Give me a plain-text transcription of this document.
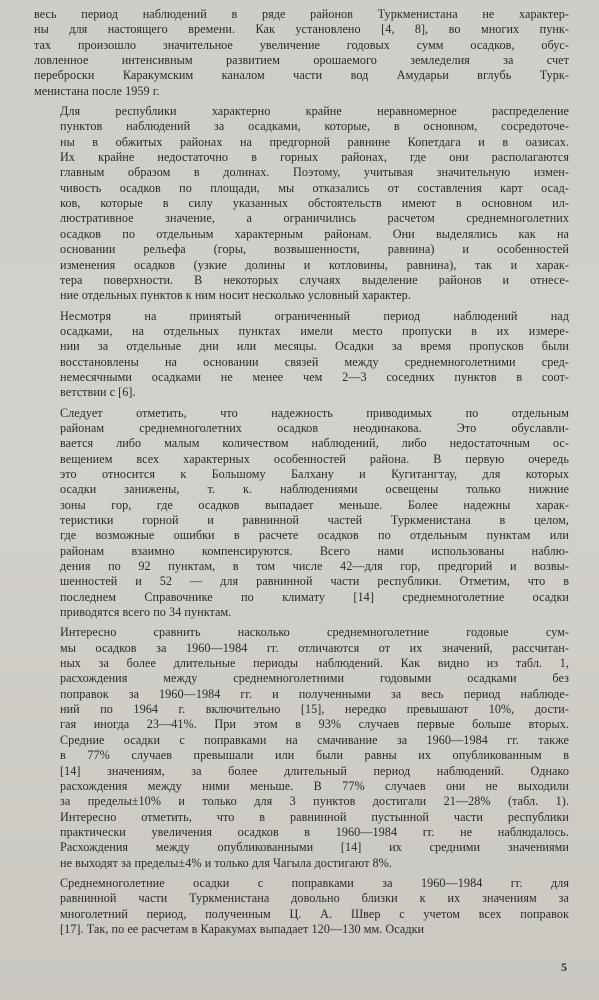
весь период наблюдений в ряде районов Туркменистана не характер-
ны для настоящего времени. Как установлено [4, 8], во многих пунк-
тах произошло значительное увеличение годовых сумм осадков, обус-
ловленное интенсивным развитием орошаемого земледелия за счет
переброски Каракумским каналом части вод Амударьи вглубь Турк-
менистана после 1959 г.

Для республики характерно крайне неравномерное распределение
пунктов наблюдений за осадками, которые, в основном, сосредоточе-
ны в обжитых районах на предгорной равнине Копетдага и в оазисах.
Их крайне недостаточно в горных районах, где они располагаются
главным образом в долинах. Поэтому, учитывая значительную измен-
чивость осадков по площади, мы отказались от составления карт осад-
ков, которые в силу указанных обстоятельств имеют в основном ил-
люстративное значение, а ограничились расчетом среднемноголетних
осадков по отдельным характерным районам. Они выделялись как на
основании рельефа (горы, возвышенности, равнина) и особенностей
изменения осадков (узкие долины и котловины, равнина), так и харак-
тера поверхности. В некоторых случаях выделение районов и отнесе-
ние отдельных пунктов к ним носит несколько условный характер.

Несмотря на принятый ограниченный период наблюдений над
осадками, на отдельных пунктах имели место пропуски в их измере-
нии за отдельные дни или месяцы. Осадки за время пропусков были
восстановлены на основании связей между среднемноголетними сред-
немесячными осадками не менее чем 2—3 соседних пунктов в соот-
ветствии с [6].

Следует отметить, что надежность приводимых по отдельным
районам среднемноголетних осадков неодинакова. Это обуславли-
вается либо малым количеством наблюдений, либо недостаточным ос-
вещением всех характерных особенностей района. В первую очередь
это относится к Большому Балхану и Кугитангтау, для которых
осадки занижены, т. к. наблюдениями освещены только нижние
зоны гор, где осадков выпадает меньше. Более надежны харак-
теристики горной и равнинной частей Туркменистана в целом,
где возможные ошибки в расчете осадков по отдельным пунктам или
районам взаимно компенсируются. Всего нами использованы наблю-
дения по 92 пунктам, в том числе 42—для гор, предгорий и возвы-
шенностей и 52 — для равнинной части республики. Отметим, что в
последнем Справочнике по климату [14] среднемноголетние осадки
приводятся всего по 34 пунктам.

Интересно сравнить насколько среднемноголетние годовые сум-
мы осадков за 1960—1984 гг. отличаются от их значений, рассчитан-
ных за более длительные периоды наблюдений. Как видно из табл. 1,
расхождения между среднемноголетними годовыми осадками без
поправок за 1960—1984 гг. и полученными за весь период наблюде-
ний по 1964 г. включительно [15], нередко превышают 10%, дости-
гая иногда 23—41%. При этом в 93% случаев первые больше вторых.
Средние осадки с поправками на смачивание за 1960—1984 гг. также
в 77% случаев превышали или были равны их опубликованным в
[14] значениям, за более длительный период наблюдений. Однако
расхождения между ними меньше. В 77% случаев они не выходили
за пределы±10% и только для 3 пунктов достигали 21—28% (табл. 1).
Интересно отметить, что в равнинной пустынной части республики
практически увеличения осадков в 1960—1984 гг. не наблюдалось.
Расхождения между опубликованными [14] их средними значениями
не выходят за пределы±4% и только для Чагыла достигают 8%.

Среднемноголетние осадки с поправками за 1960—1984 гг. для
равнинной части Туркменистана довольно близки к их значениям за
многолетний период, полученным Ц. А. Швер с учетом всех поправок
[17]. Так, по ее расчетам в Каракумах выпадает 120—130 мм. Осадки

5
